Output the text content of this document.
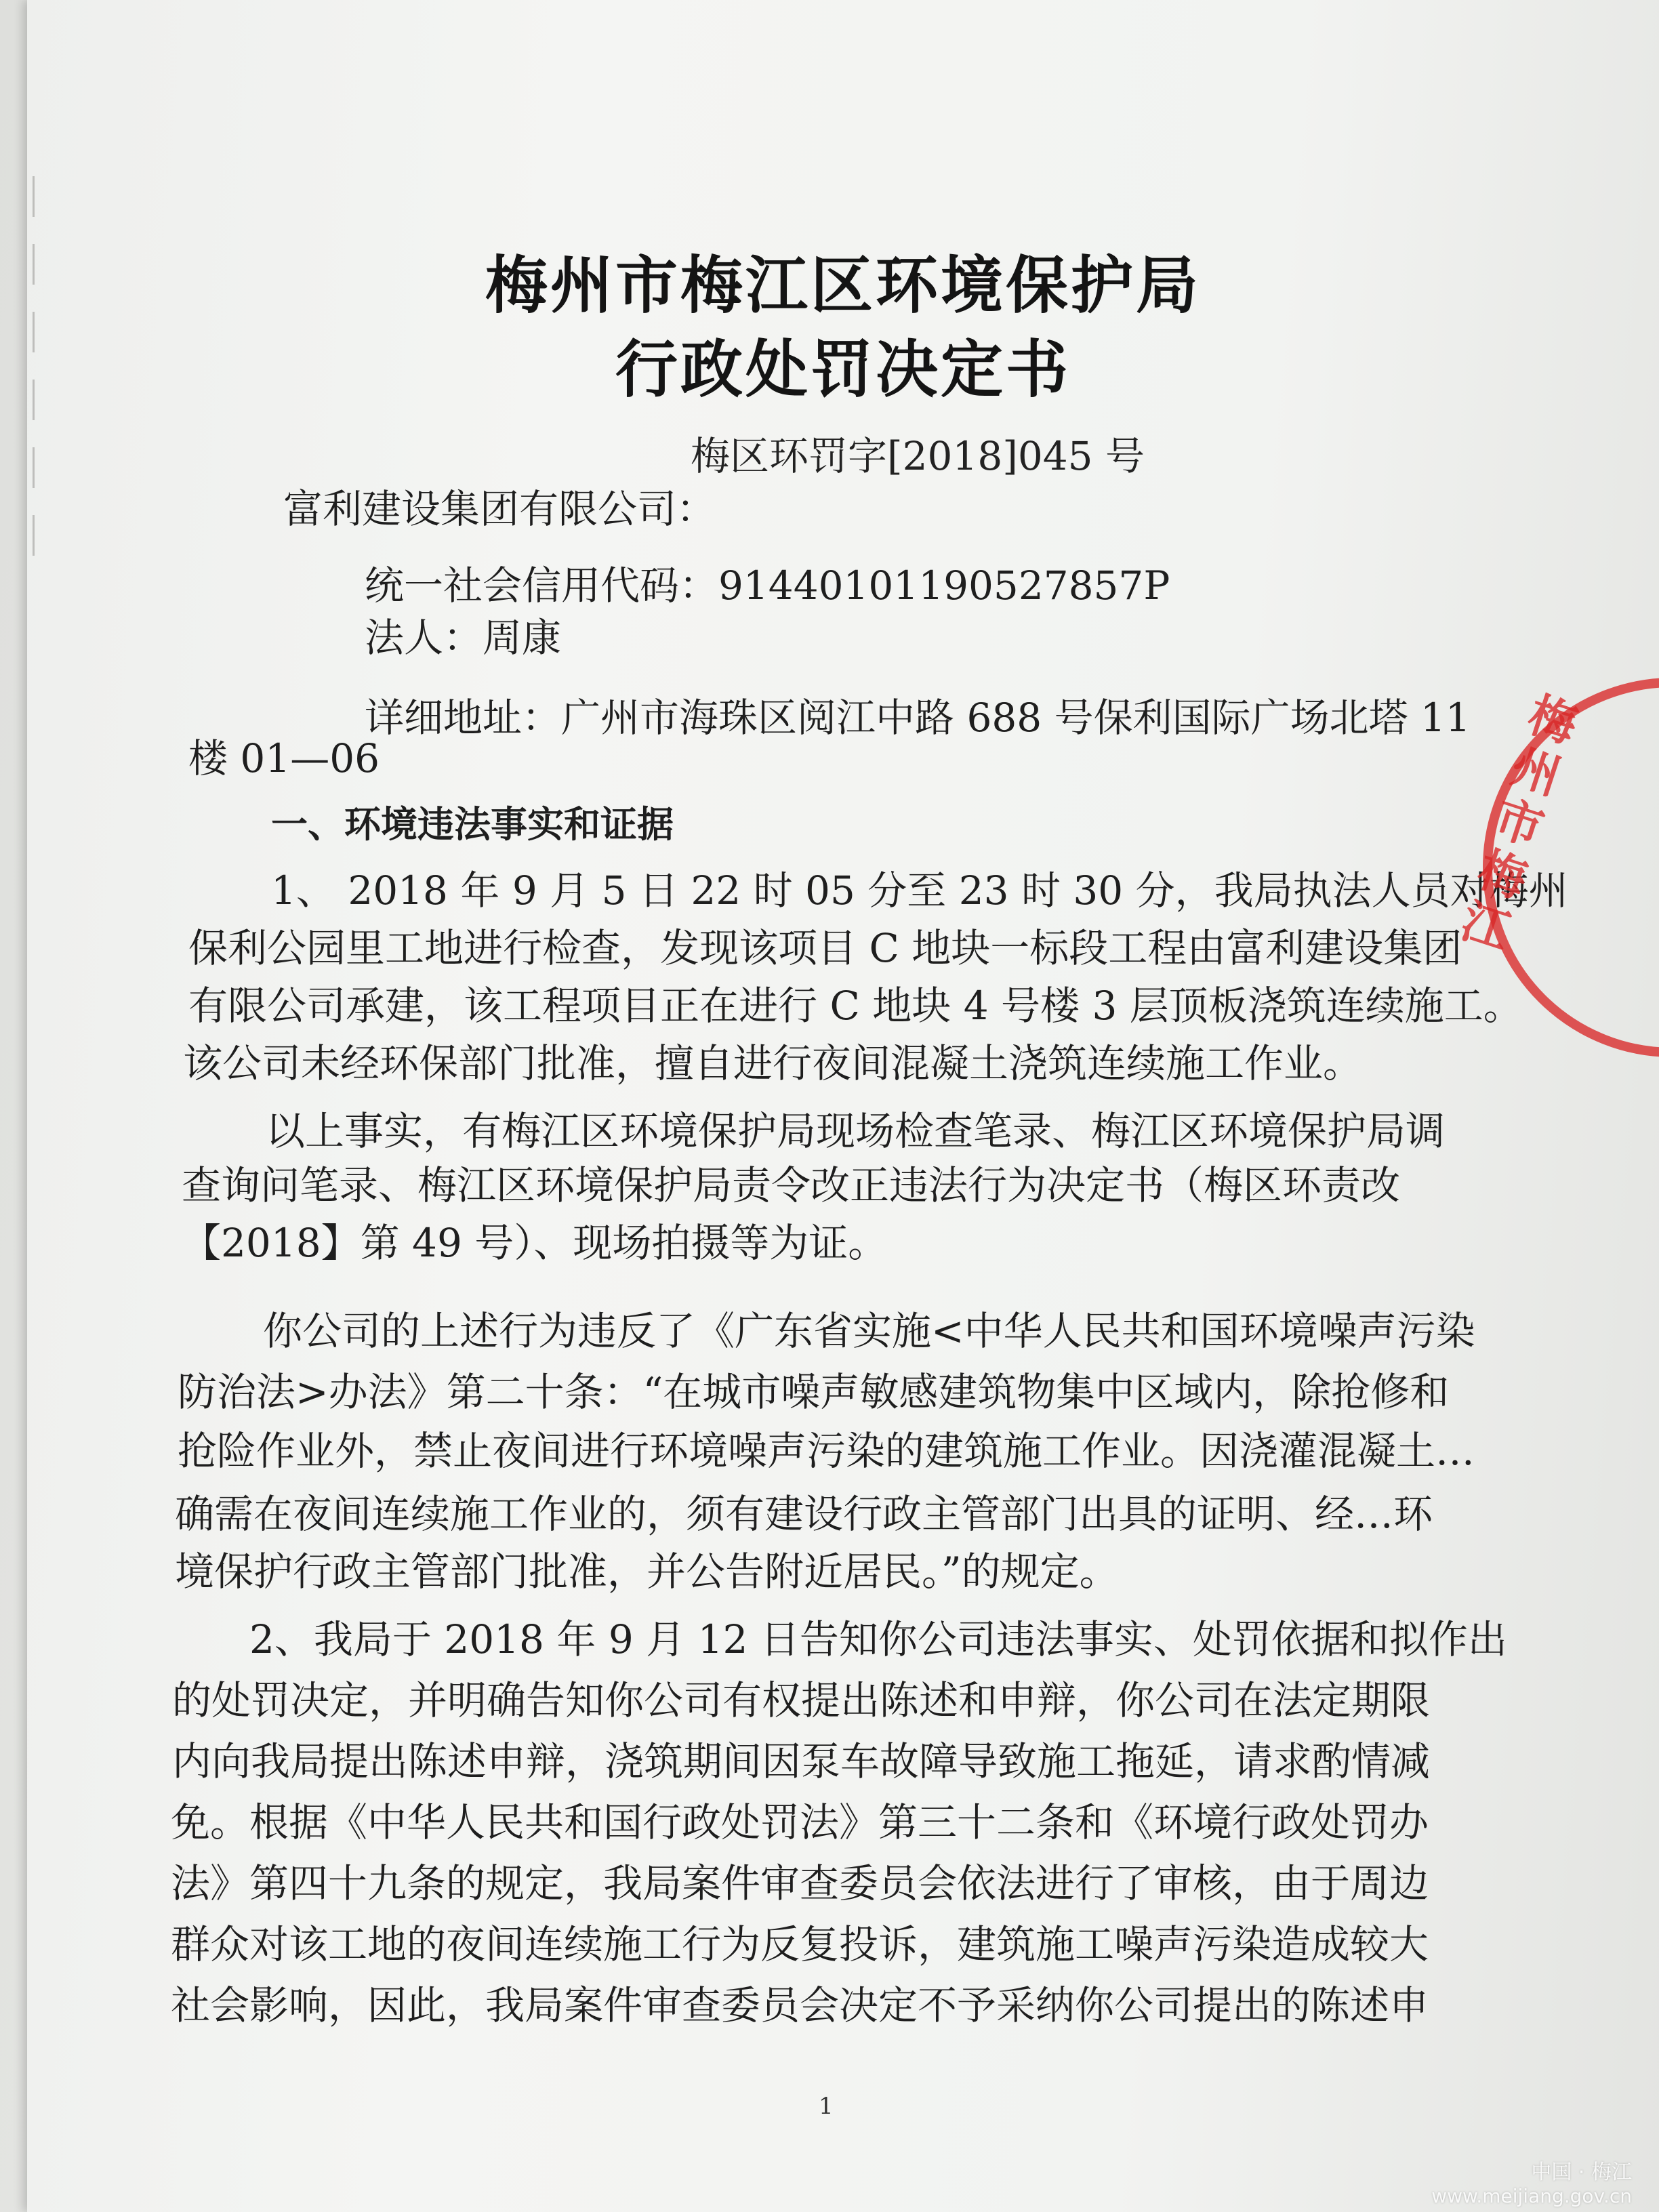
梅州市梅江区环境保护局
行政处罚决定书
梅区环罚字[2018]045 号
富利建设集团有限公司：
统一社会信用代码：91440101190527857P
法人：周康
详细地址：广州市海珠区阅江中路 688 号保利国际广场北塔 11
楼 01—06
一、环境违法事实和证据
1、 2018 年 9 月 5 日 22 时 05 分至 23 时 30 分，我局执法人员对梅州
保利公园里工地进行检查，发现该项目 C 地块一标段工程由富利建设集团
有限公司承建，该工程项目正在进行 C 地块 4 号楼 3 层顶板浇筑连续施工。
该公司未经环保部门批准，擅自进行夜间混凝土浇筑连续施工作业。
以上事实，有梅江区环境保护局现场检查笔录、梅江区环境保护局调
查询问笔录、梅江区环境保护局责令改正违法行为决定书（梅区环责改
【2018】第 49 号）、现场拍摄等为证。
你公司的上述行为违反了《广东省实施<中华人民共和国环境噪声污染
防治法>办法》第二十条：“在城市噪声敏感建筑物集中区域内，除抢修和
抢险作业外，禁止夜间进行环境噪声污染的建筑施工作业。因浇灌混凝土…
确需在夜间连续施工作业的，须有建设行政主管部门出具的证明、经…环
境保护行政主管部门批准，并公告附近居民。”的规定。
2、我局于 2018 年 9 月 12 日告知你公司违法事实、处罚依据和拟作出
的处罚决定，并明确告知你公司有权提出陈述和申辩，你公司在法定期限
内向我局提出陈述申辩，浇筑期间因泵车故障导致施工拖延，请求酌情减
免。根据《中华人民共和国行政处罚法》第三十二条和《环境行政处罚办
法》第四十九条的规定，我局案件审查委员会依法进行了审核，由于周边
群众对该工地的夜间连续施工行为反复投诉，建筑施工噪声污染造成较大
社会影响，因此，我局案件审查委员会决定不予采纳你公司提出的陈述申
1
梅州市梅江
中国 · 梅江
www.meijiang.gov.cn
